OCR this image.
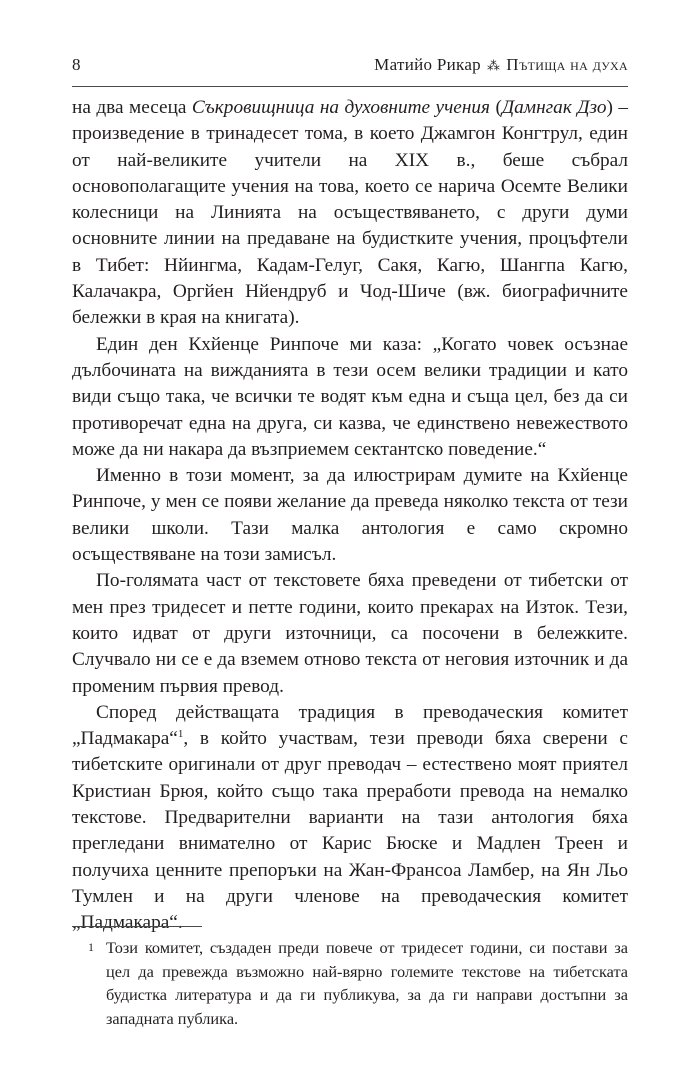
8	Матийо Рикар ⁂ Пътища на духа

на два месеца Съкровищница на духовните учения (Дамнгак Дзо) – произведение в тринадесет тома, в което Джамгон Конгтрул, един от най-великите учители на XIX в., беше събрал основополагащите учения на това, което се нарича Осемте Велики колесници на Линията на осъществяването, с други думи основните линии на предаване на будистките учения, процъфтели в Тибет: Нйингма, Кадам-Гелуг, Сакя, Кагю, Шангпа Кагю, Калачакра, Оргйен Нйендруб и Чод-Шиче (вж. биографичните бележки в края на книгата).

Един ден Кхйенце Ринпоче ми каза: „Когато човек осъзнае дълбочината на вижданията в тези осем велики традиции и като види също така, че всички те водят към една и съща цел, без да си противоречат една на друга, си казва, че единствено невежеството може да ни накара да възприемем сектантско поведение.“

Именно в този момент, за да илюстрирам думите на Кхйенце Ринпоче, у мен се появи желание да преведа няколко текста от тези велики школи. Тази малка антология е само скромно осъществяване на този замисъл.

По-голямата част от текстовете бяха преведени от тибетски от мен през тридесет и петте години, които прекарах на Изток. Тези, които идват от други източници, са посочени в бележките. Случвало ни се е да вземем отново текста от неговия източник и да променим първия превод.

Според действащата традиция в преводаческия комитет „Падмакара“$^1$, в който участвам, тези преводи бяха сверени с тибетските оригинали от друг преводач – естествено моят приятел Кристиан Брюя, който също така преработи превода на немалко текстове. Предварителни варианти на тази антология бяха прегледани внимателно от Карис Бюске и Мадлен Треен и получиха ценните препоръки на Жан-Франсоа Ламбер, на Ян Льо Тумлен и на други членове на преводаческия комитет „Падмакара“.

1 Този комитет, създаден преди повече от тридесет години, си постави за цел да превежда възможно най-вярно големите текстове на тибетската будистка литература и да ги публикува, за да ги направи достъпни за западната публика.
